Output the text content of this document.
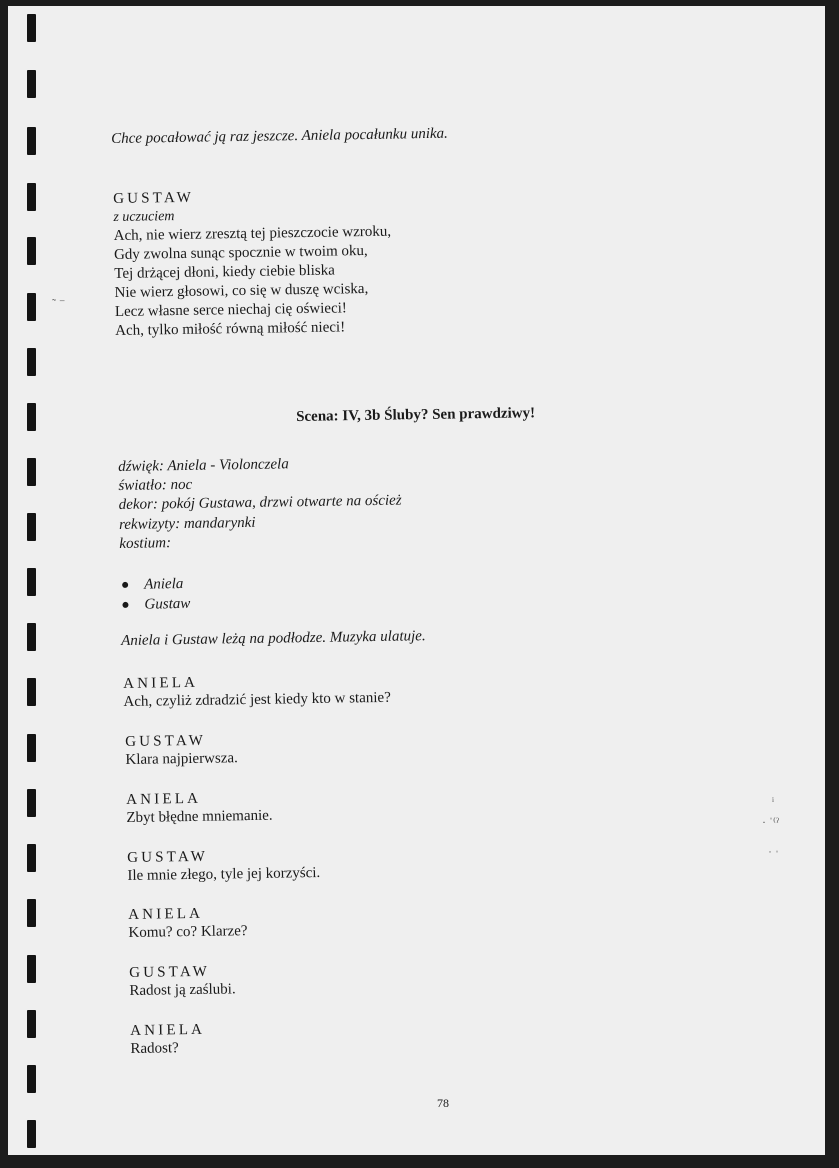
Chce pocałować ją raz jeszcze. Aniela pocałunku unika.
GUSTAW
z uczuciem
Ach, nie wierz zresztą tej pieszczocie wzroku,
Gdy zwolna sunąc spocznie w twoim oku,
Tej drżącej dłoni, kiedy ciebie bliska
Nie wierz głosowi, co się w duszę wciska,
Lecz własne serce niechaj cię oświeci!
Ach, tylko miłość równą miłość nieci!
Scena: IV, 3b Śluby? Sen prawdziwy!
dźwięk: Aniela - Violonczela
światło: noc
dekor: pokój Gustawa, drzwi otwarte na oścież
rekwizyty: mandarynki
kostium:
Aniela
Gustaw
Aniela i Gustaw leżą na podłodze. Muzyka ulatuje.
ANIELA
Ach, czyliż zdradzić jest kiedy kto w stanie?
GUSTAW
Klara najpierwsza.
ANIELA
Zbyt błędne mniemanie.
GUSTAW
Ile mnie złego, tyle jej korzyści.
ANIELA
Komu? co? Klarze?
GUSTAW
Radost ją zaślubi.
ANIELA
Radost?
78
˜ ⁻
ᵢ
· ˈ⁽ˀ
˙ ˈ
